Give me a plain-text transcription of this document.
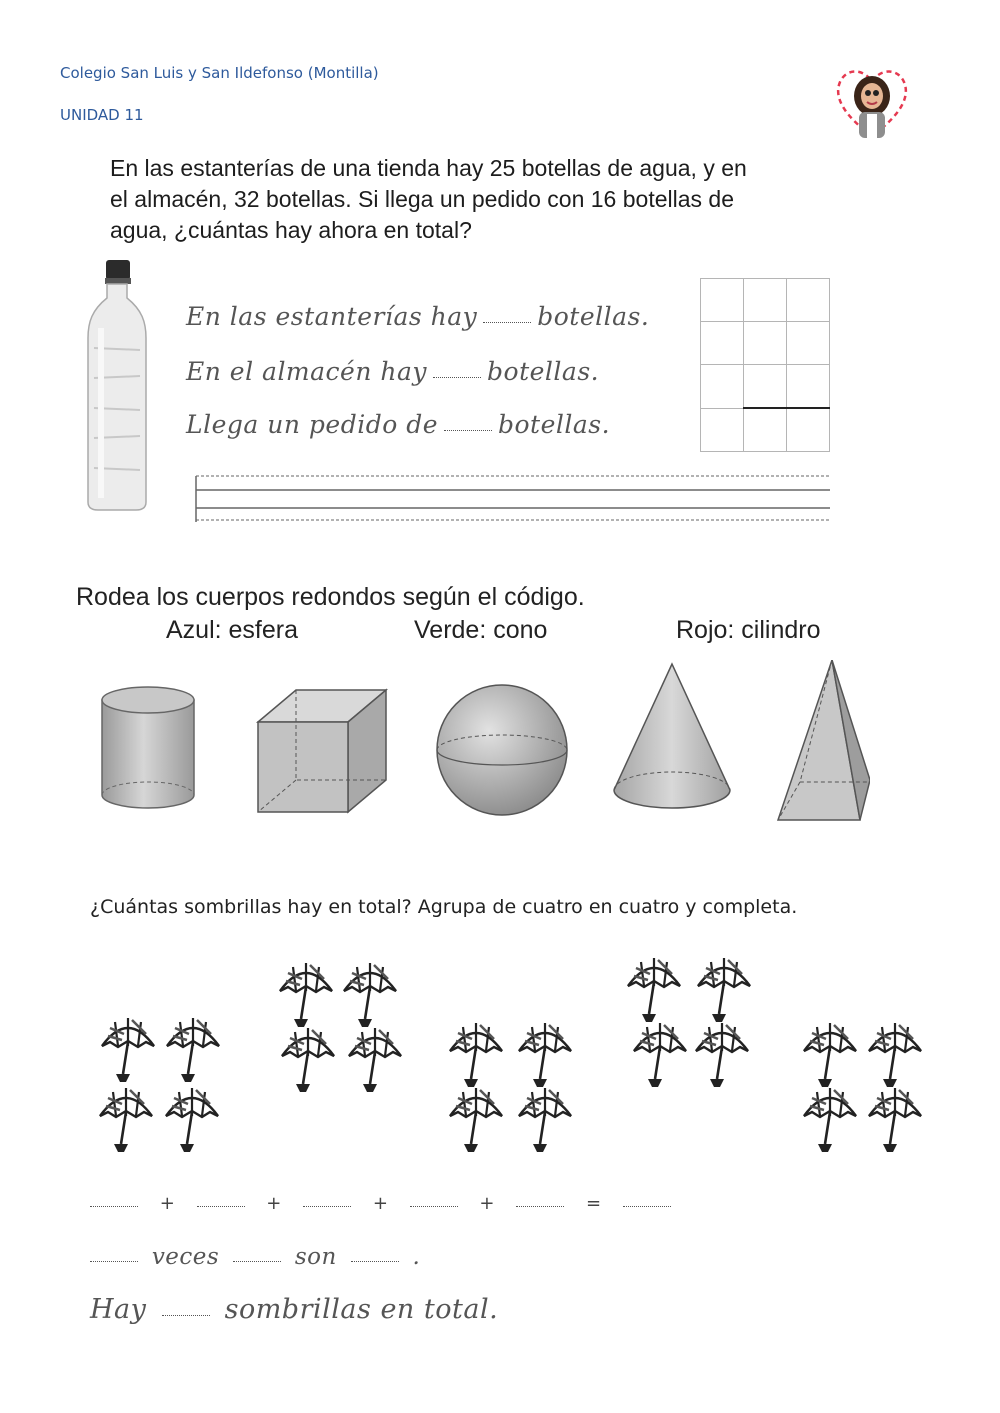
Colegio San Luis y San Ildefonso (Montilla)
UNIDAD 11
En las estanterías de una tienda hay 25 botellas de agua, y en
el almacén, 32 botellas. Si llega un pedido con 16 botellas de
agua, ¿cuántas hay ahora en total?
En las estanterías hay botellas.
En el almacén hay botellas.
Llega un pedido de botellas.

Rodea los cuerpos redondos según el código.
Azul: esfera	Verde: cono	Rojo: cilindro
¿Cuántas sombrillas hay en total? Agrupa de cuatro en cuatro y completa.
+	+	+	+	=
veces	son	.
Hay	sombrillas en total.
